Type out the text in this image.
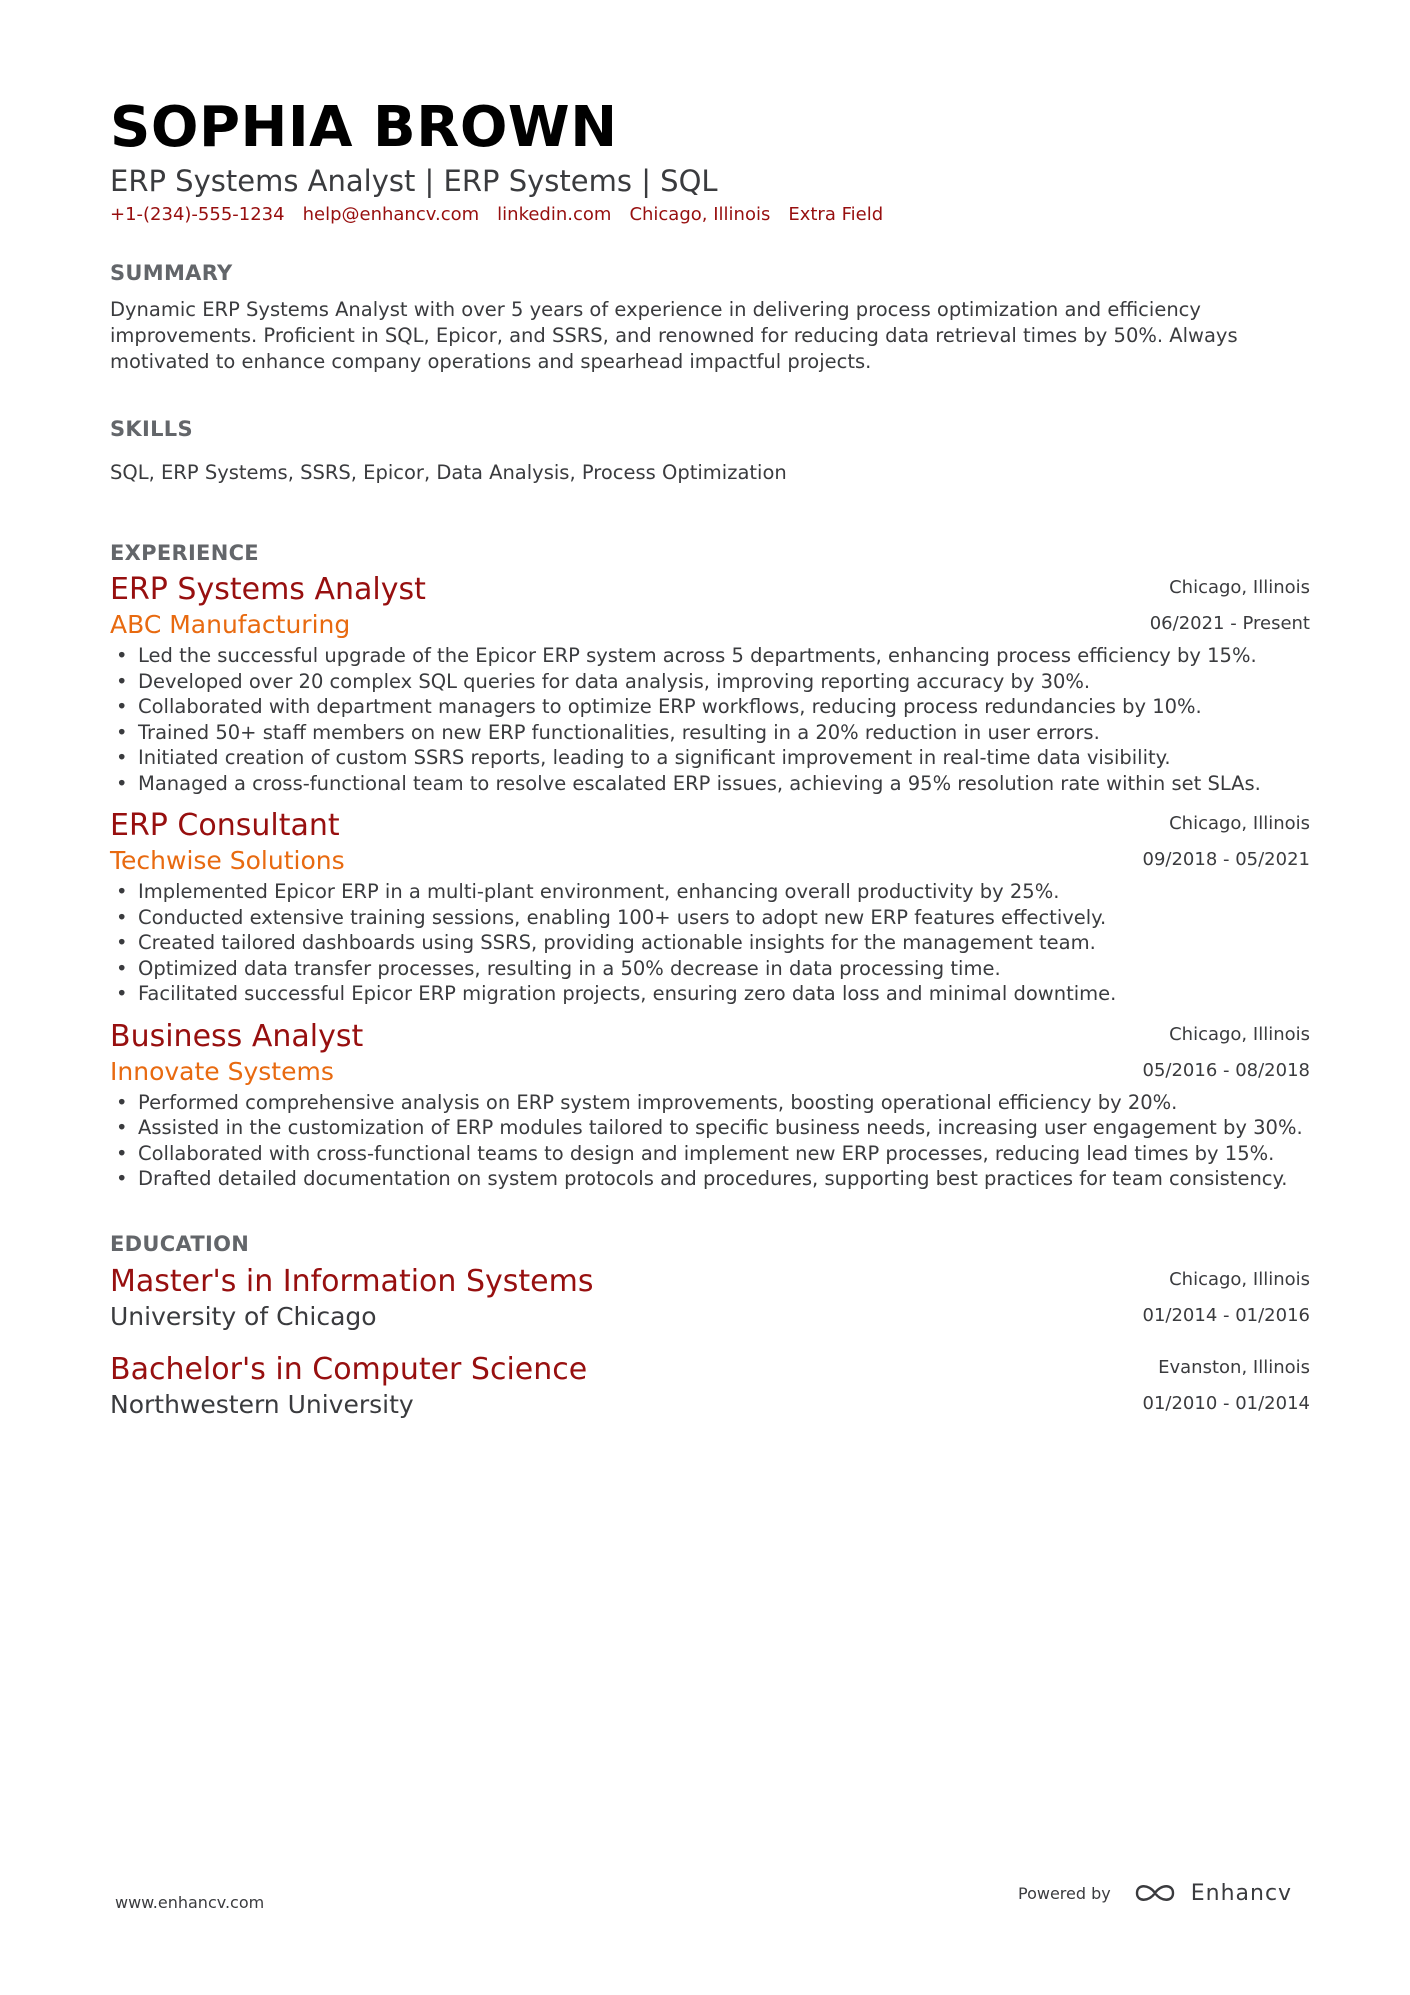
SOPHIA BROWN
ERP Systems Analyst | ERP Systems | SQL
+1-(234)-555-1234 help@enhancv.com linkedin.com Chicago, Illinois Extra Field
SUMMARY
Dynamic ERP Systems Analyst with over 5 years of experience in delivering process optimization and efficiency
improvements. Proficient in SQL, Epicor, and SSRS, and renowned for reducing data retrieval times by 50%. Always
motivated to enhance company operations and spearhead impactful projects.
SKILLS
SQL, ERP Systems, SSRS, Epicor, Data Analysis, Process Optimization
EXPERIENCE
Chicago, Illinois
06/2021 - Present
ERP Systems Analyst
ABC Manufacturing
• Led the successful upgrade of the Epicor ERP system across 5 departments, enhancing process efficiency by 15%.
• Developed over 20 complex SQL queries for data analysis, improving reporting accuracy by 30%.
• Collaborated with department managers to optimize ERP workflows, reducing process redundancies by 10%.
• Trained 50+ staff members on new ERP functionalities, resulting in a 20% reduction in user errors.
• Initiated creation of custom SSRS reports, leading to a significant improvement in real-time data visibility.
• Managed a cross-functional team to resolve escalated ERP issues, achieving a 95% resolution rate within set SLAs.
Chicago, Illinois
09/2018 - 05/2021
ERP Consultant
Techwise Solutions
• Implemented Epicor ERP in a multi-plant environment, enhancing overall productivity by 25%.
• Conducted extensive training sessions, enabling 100+ users to adopt new ERP features effectively.
• Created tailored dashboards using SSRS, providing actionable insights for the management team.
• Optimized data transfer processes, resulting in a 50% decrease in data processing time.
• Facilitated successful Epicor ERP migration projects, ensuring zero data loss and minimal downtime.
Chicago, Illinois
05/2016 - 08/2018
Business Analyst
Innovate Systems
• Performed comprehensive analysis on ERP system improvements, boosting operational efficiency by 20%.
• Assisted in the customization of ERP modules tailored to specific business needs, increasing user engagement by 30%.
• Collaborated with cross-functional teams to design and implement new ERP processes, reducing lead times by 15%.
• Drafted detailed documentation on system protocols and procedures, supporting best practices for team consistency.
EDUCATION
Chicago, Illinois
01/2014 - 01/2016
Master's in Information Systems
University of Chicago
Evanston, Illinois
01/2010 - 01/2014
Bachelor's in Computer Science
Northwestern University
www.enhancv.com	Powered by	Enhancv
